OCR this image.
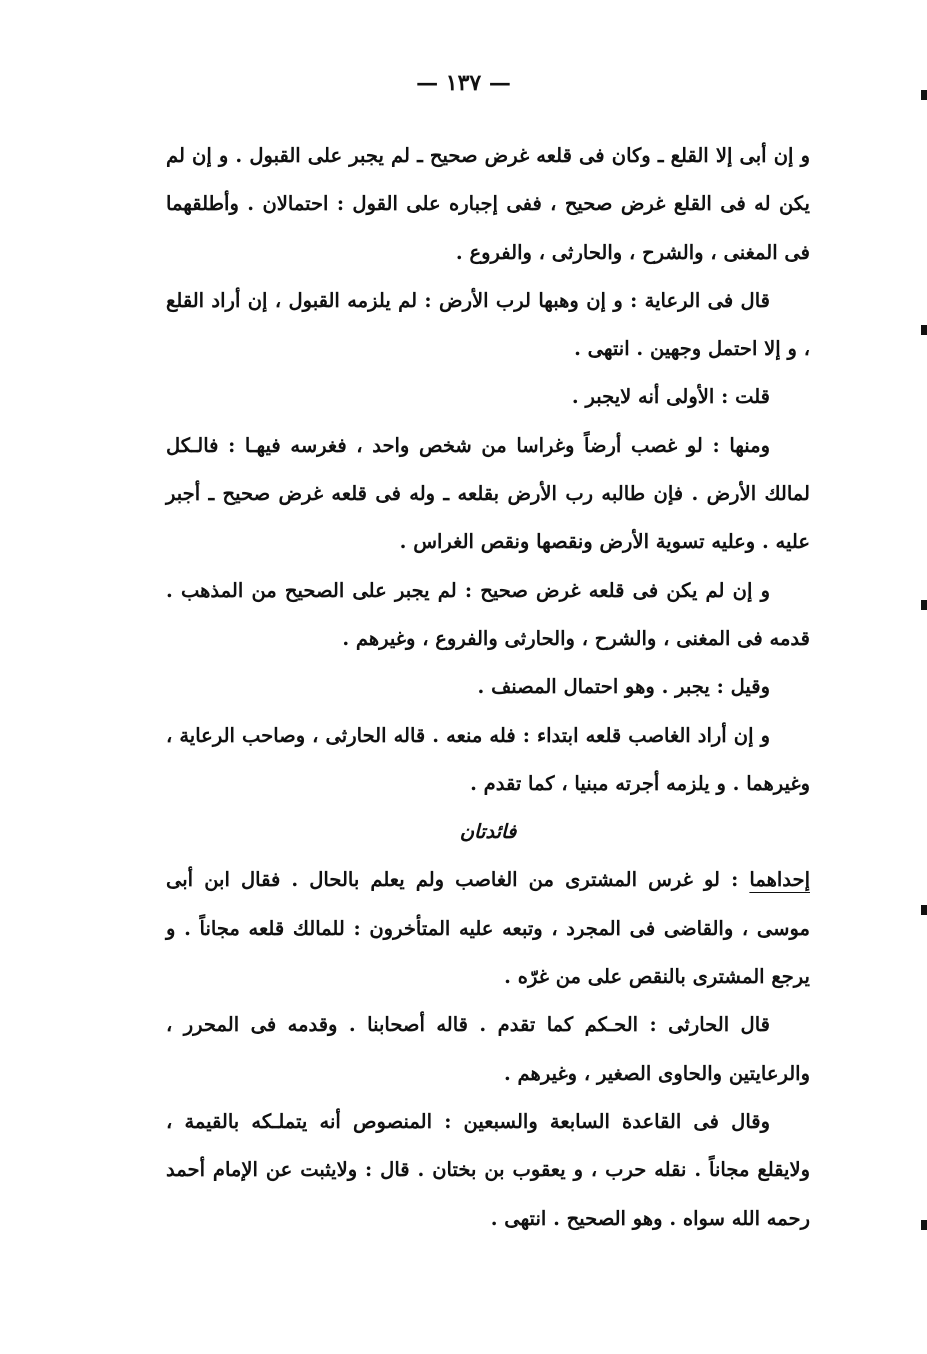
— ١٣٧ —

و إن أبى إلا القلع ـ وكان فى قلعه غرض صحيح ـ لم يجبر على القبول . و إن لم يكن له فى القلع غرض صحيح ، ففى إجباره على القول : احتمالان . وأطلقهما فى المغنى ، والشرح ، والحارثى ، والفروع .

قال فى الرعاية : و إن وهبها لرب الأرض : لم يلزمه القبول ، إن أراد القلع ، و إلا احتمل وجهين . انتهى .

قلت : الأولى أنه لايجبر .

ومنها : لو غصب أرضاً وغراسا من شخص واحد ، فغرسه فيهـا : فالـكل لمالك الأرض . فإن طالبه رب الأرض بقلعه ـ وله فى قلعه غرض صحيح ـ أجبر عليه . وعليه تسوية الأرض ونقصها ونقص الغراس .

و إن لم يكن فى قلعه غرض صحيح : لم يجبر على الصحيح من المذهب . قدمه فى المغنى ، والشرح ، والحارثى والفروع ، وغيرهم .

وقيل : يجبر . وهو احتمال المصنف .

و إن أراد الغاصب قلعه ابتداء : فله منعه . قاله الحارثى ، وصاحب الرعاية ، وغيرهما . و يلزمه أجرته مبنيا ، كما تقدم .

فائدتان

إحداهما : لو غرس المشترى من الغاصب ولم يعلم بالحال . فقال ابن أبى موسى ، والقاضى فى المجرد ، وتبعه عليه المتأخرون : للمالك قلعه مجاناً . و يرجع المشترى بالنقص على من غرّه .

قال الحارثى : الحـكم كما تقدم . قاله أصحابنا . وقدمه فى المحرر ، والرعايتين والحاوى الصغير ، وغيرهم .

وقال فى القاعدة السابعة والسبعين : المنصوص أنه يتملـكه بالقيمة ، ولايقلع مجاناً . نقله حرب ، و يعقوب بن بختان . قال : ولايثبت عن الإمام أحمد رحمه الله سواه . وهو الصحيح . انتهى .
